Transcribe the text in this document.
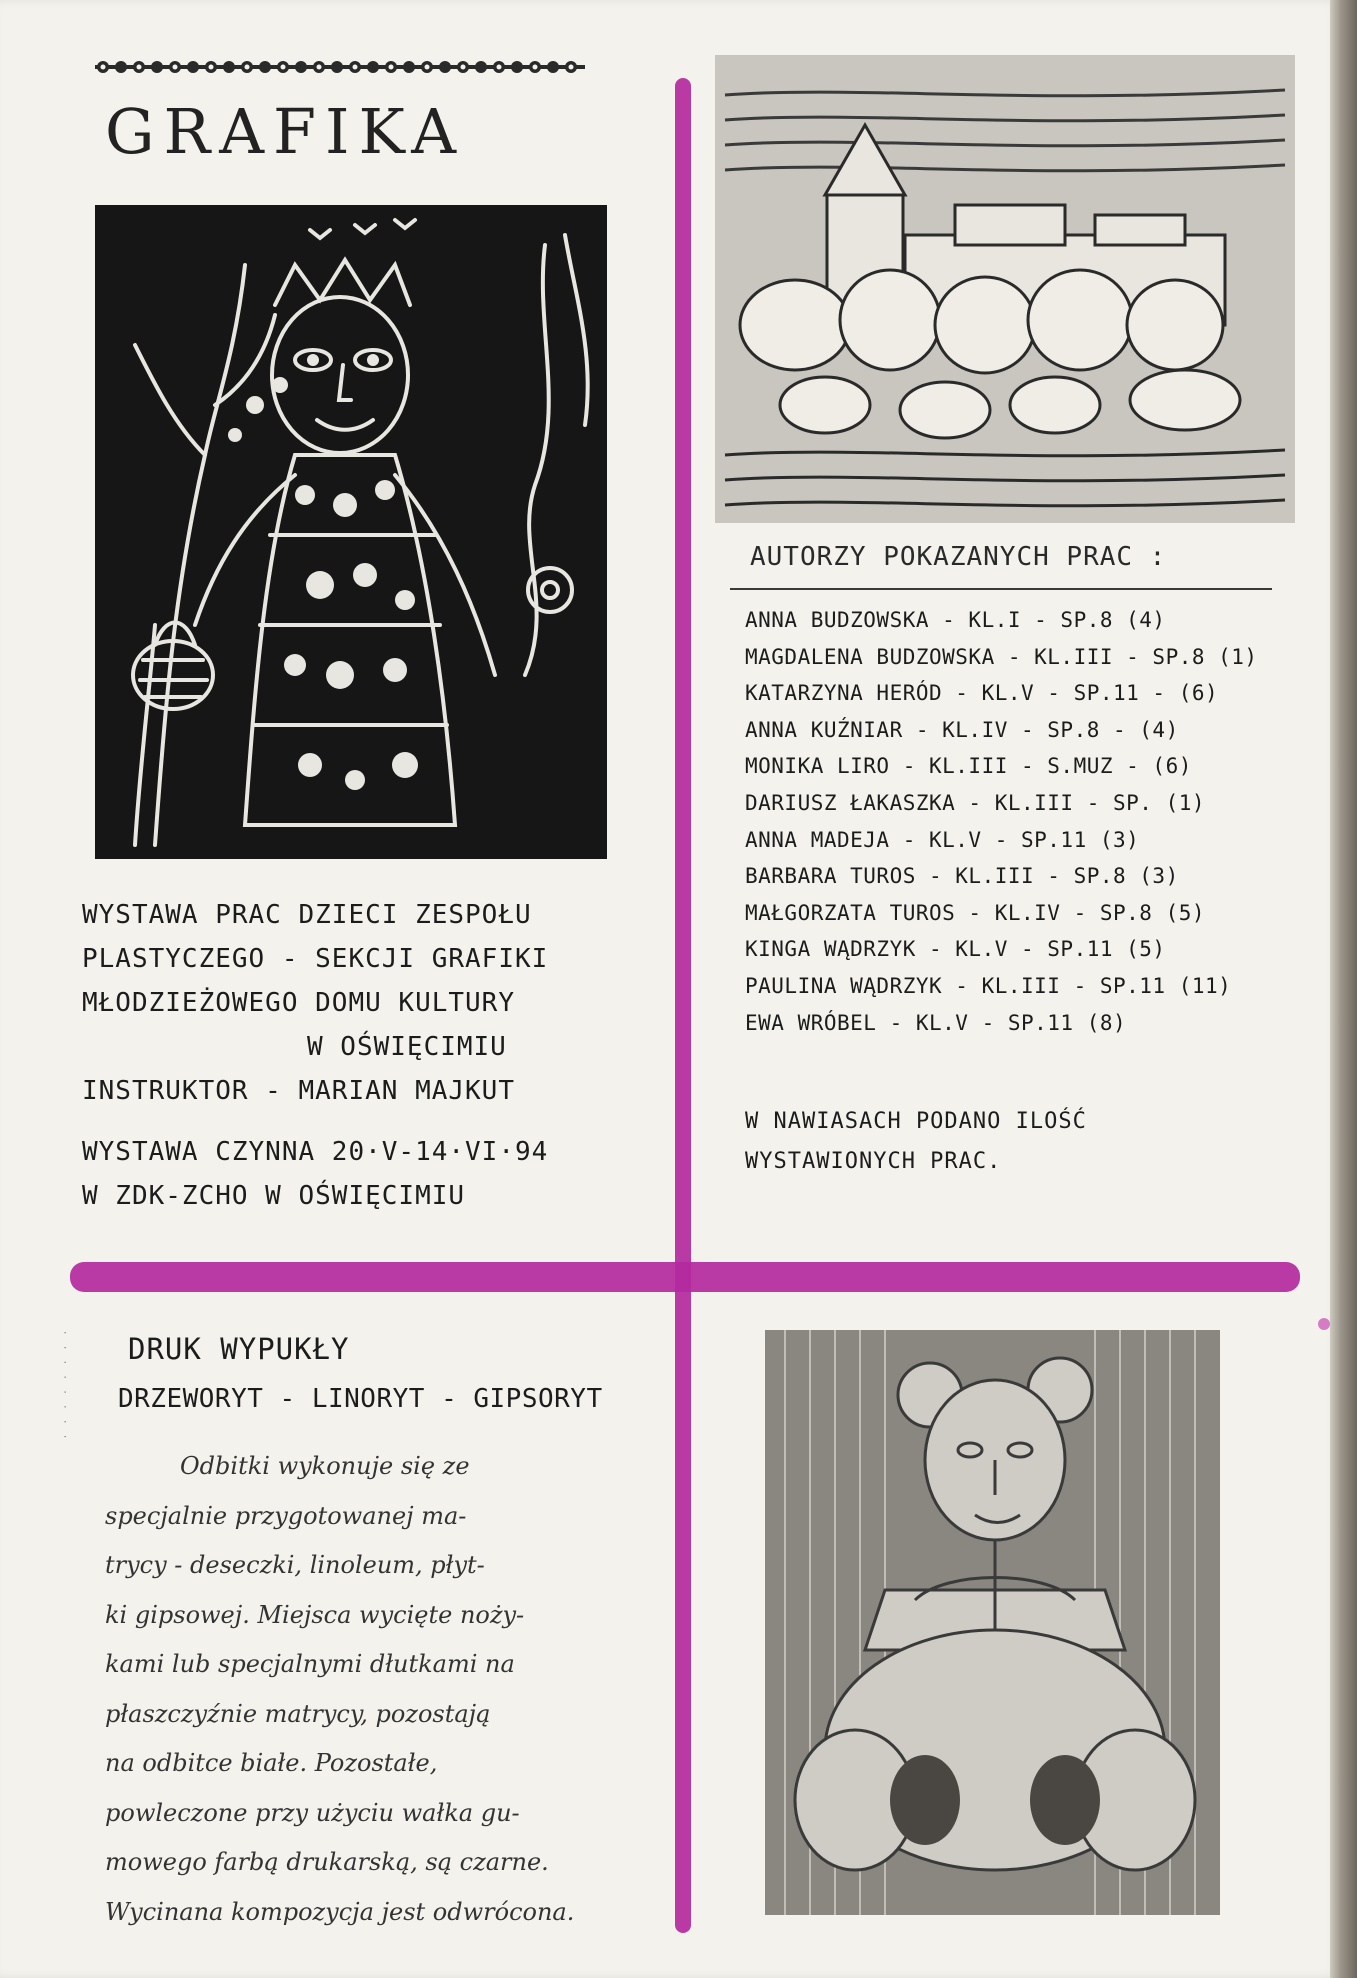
GRAFIKA

WYSTAWA PRAC DZIECI ZESPOŁU

PLASTYCZEGO - SEKCJI GRAFIKI

MŁODZIEŻOWEGO DOMU KULTURY

W OŚWIĘCIMIU

INSTRUKTOR - MARIAN MAJKUT

WYSTAWA CZYNNA 20·V-14·VI·94

W ZDK-ZCHO W OŚWIĘCIMIU

AUTORZY POKAZANYCH PRAC :
ANNA BUDZOWSKA - KL.I - SP.8 (4)
MAGDALENA BUDZOWSKA - KL.III - SP.8 (1)
KATARZYNA HERÓD - KL.V - SP.11 - (6)
ANNA KUŹNIAR - KL.IV - SP.8 - (4)
MONIKA LIRO - KL.III - S.MUZ - (6)
DARIUSZ ŁAKASZKA - KL.III - SP. (1)
ANNA MADEJA - KL.V - SP.11 (3)
BARBARA TUROS - KL.III - SP.8 (3)
MAŁGORZATA TUROS - KL.IV - SP.8 (5)
KINGA WĄDRZYK - KL.V - SP.11 (5)
PAULINA WĄDRZYK - KL.III - SP.11 (11)
EWA WRÓBEL - KL.V - SP.11 (8)

W NAWIASACH PODANO ILOŚĆ

WYSTAWIONYCH PRAC.

· · · · · · · · DRUK WYPUKŁY

DRZEWORYT - LINORYT - GIPSORYT

Odbitki wykonuje się ze

specjalnie przygotowanej ma-

trycy - deseczki, linoleum, płyt-

ki gipsowej. Miejsca wycięte noży-

kami lub specjalnymi dłutkami na

płaszczyźnie matrycy, pozostają

na odbitce białe. Pozostałe,

powleczone przy użyciu wałka gu-

mowego farbą drukarską, są czarne.

Wycinana kompozycja jest odwrócona.
